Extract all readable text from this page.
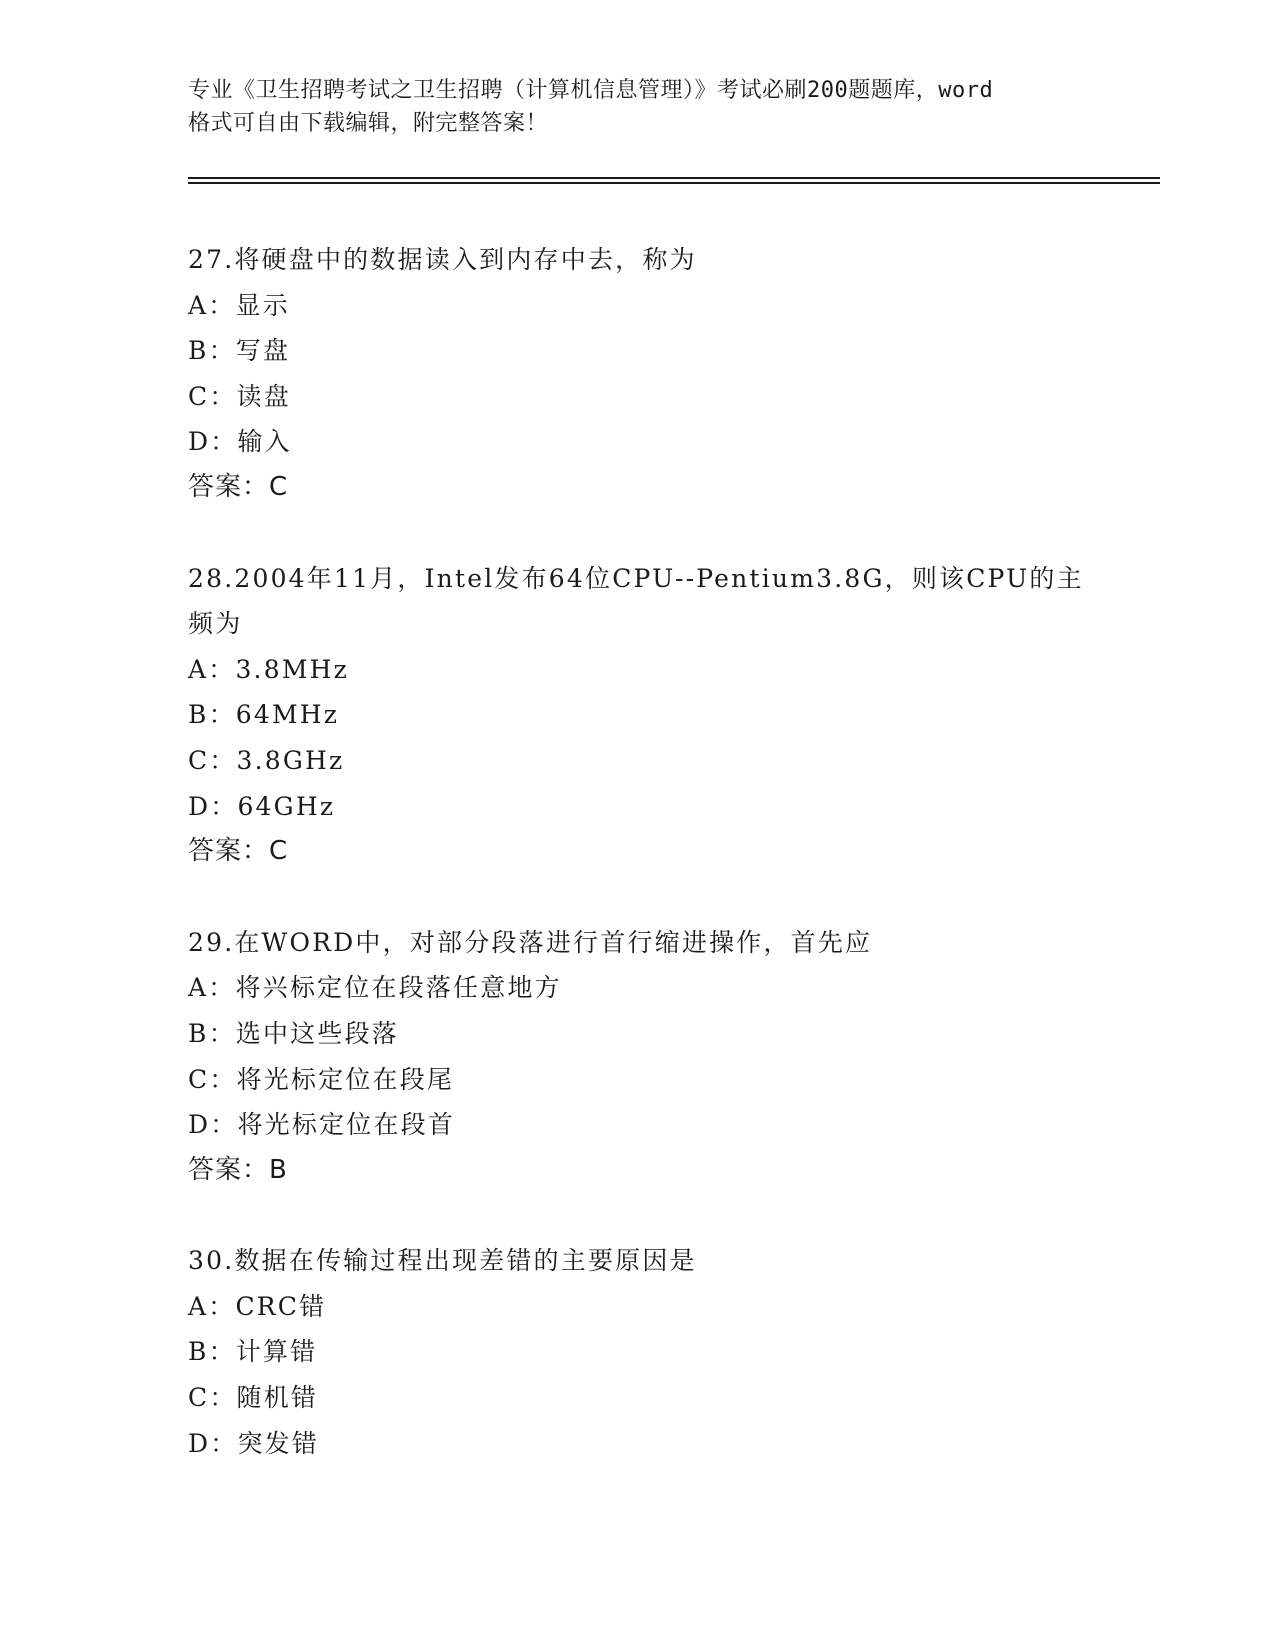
专业《卫生招聘考试之卫生招聘（计算机信息管理）》考试必刷200题题库，word
格式可自由下载编辑，附完整答案！
27.将硬盘中的数据读入到内存中去，称为
A：显示
B：写盘
C：读盘
D：输入
答案：C
28.2004年11月，Intel发布64位CPU--Pentium3.8G，则该CPU的主
频为
A：3.8MHz
B：64MHz
C：3.8GHz
D：64GHz
答案：C
29.在WORD中，对部分段落进行首行缩进操作，首先应
A：将兴标定位在段落任意地方
B：选中这些段落
C：将光标定位在段尾
D：将光标定位在段首
答案：B
30.数据在传输过程出现差错的主要原因是
A：CRC错
B：计算错
C：随机错
D：突发错
